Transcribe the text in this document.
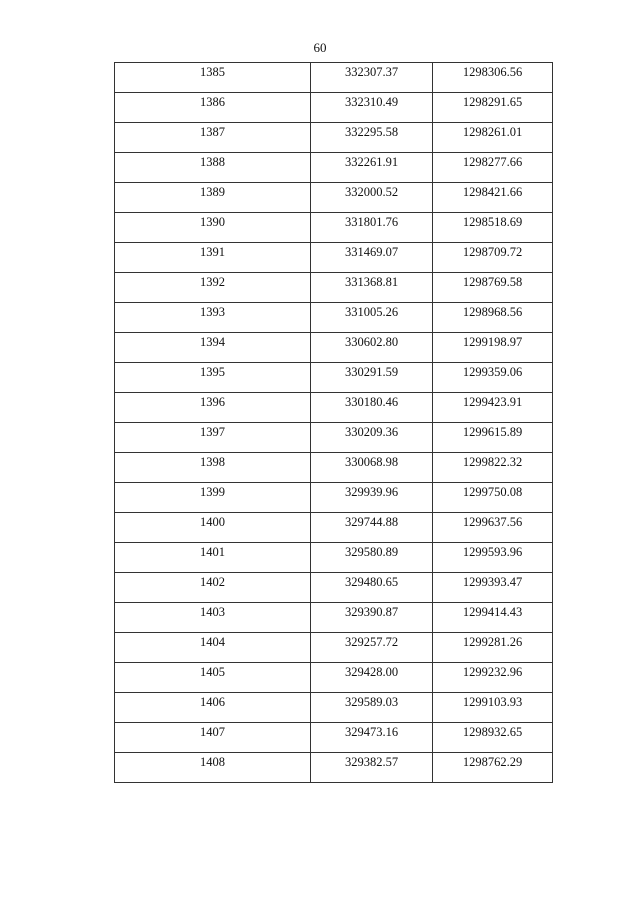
60
1385	332307.37	1298306.56
1386	332310.49	1298291.65
1387	332295.58	1298261.01
1388	332261.91	1298277.66
1389	332000.52	1298421.66
1390	331801.76	1298518.69
1391	331469.07	1298709.72
1392	331368.81	1298769.58
1393	331005.26	1298968.56
1394	330602.80	1299198.97
1395	330291.59	1299359.06
1396	330180.46	1299423.91
1397	330209.36	1299615.89
1398	330068.98	1299822.32
1399	329939.96	1299750.08
1400	329744.88	1299637.56
1401	329580.89	1299593.96
1402	329480.65	1299393.47
1403	329390.87	1299414.43
1404	329257.72	1299281.26
1405	329428.00	1299232.96
1406	329589.03	1299103.93
1407	329473.16	1298932.65
1408	329382.57	1298762.29
